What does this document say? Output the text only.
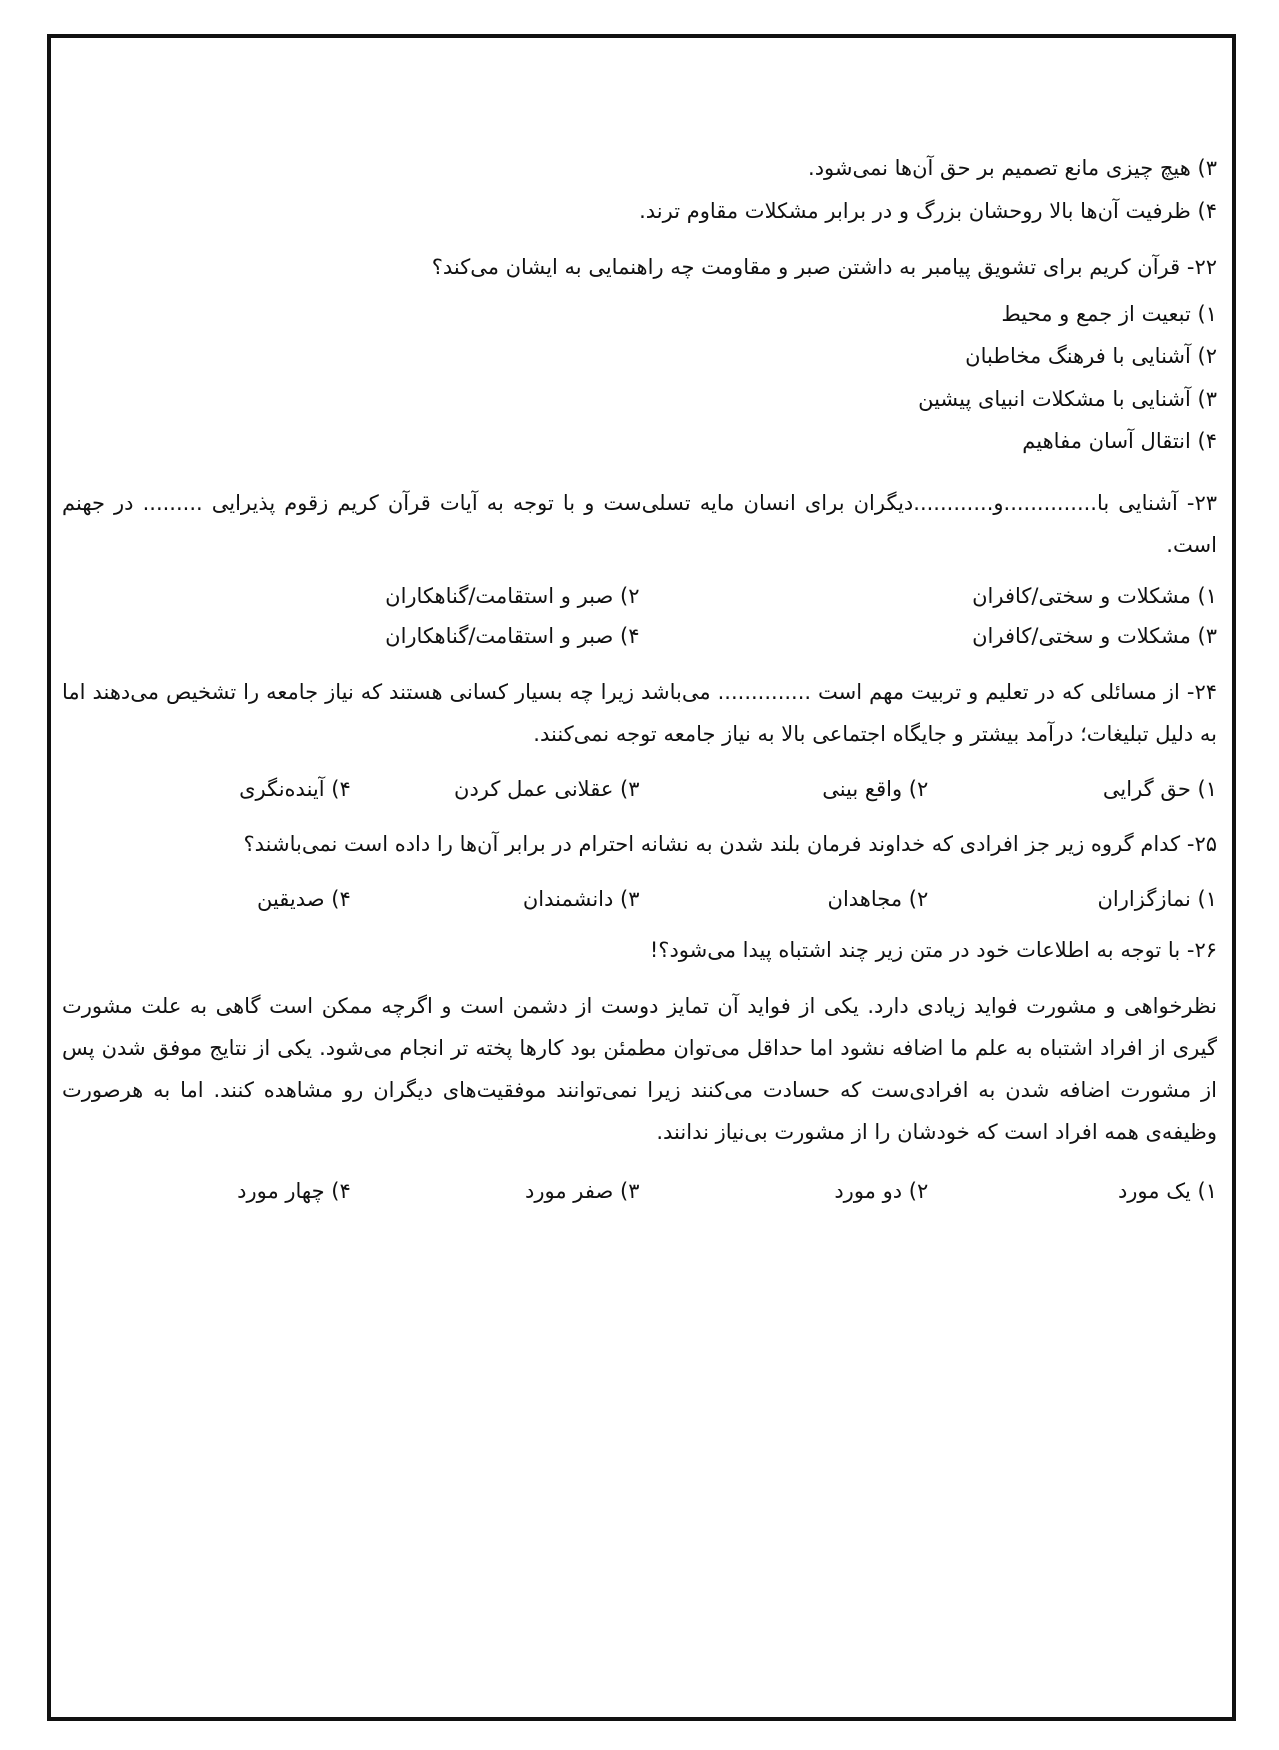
۳) هیچ چیزی مانع تصمیم بر حق آن‌ها نمی‌شود.

۴) ظرفیت آن‌ها بالا روحشان بزرگ و در برابر مشکلات مقاوم ترند.

۲۲- قرآن کریم برای تشویق پیامبر به داشتن صبر و مقاومت چه راهنمایی به ایشان می‌کند؟

۱) تبعیت از جمع و محیط

۲) آشنایی با فرهنگ مخاطبان

۳) آشنایی با مشکلات انبیای پیشین

۴) انتقال آسان مفاهیم

۲۳- آشنایی با..............و............دیگران برای انسان مایه تسلی‌ست و با توجه به آیات قرآن کریم زقوم پذیرایی ......... در جهنم است.

۱) مشکلات و سختی/کافران
۲) صبر و استقامت/گناهکاران
۳) مشکلات و سختی/کافران
۴) صبر و استقامت/گناهکاران

۲۴- از مسائلی که در تعلیم و تربیت مهم است .............. می‌باشد زیرا چه بسیار کسانی هستند که نیاز جامعه را تشخیص می‌دهند اما به دلیل تبلیغات؛ درآمد بیشتر و جایگاه اجتماعی بالا به نیاز جامعه توجه نمی‌کنند.

۱) حق گرایی
۲) واقع بینی
۳) عقلانی عمل کردن
۴) آینده‌نگری

۲۵- کدام گروه زیر جز افرادی که خداوند فرمان بلند شدن به نشانه احترام در برابر آن‌ها را داده است نمی‌باشند؟

۱) نمازگزاران
۲) مجاهدان
۳) دانشمندان
۴) صدیقین

۲۶- با توجه به اطلاعات خود در متن زیر چند اشتباه پیدا می‌شود؟!

نظرخواهی و مشورت فواید زیادی دارد. یکی از فواید آن تمایز دوست از دشمن است و اگرچه ممکن است گاهی به علت مشورت گیری از افراد اشتباه به علم ما اضافه نشود اما حداقل می‌توان مطمئن بود کارها پخته تر انجام می‌شود. یکی از نتایج موفق شدن پس از مشورت اضافه شدن به افرادی‌ست که حسادت می‌کنند زیرا نمی‌توانند موفقیت‌های دیگران رو مشاهده کنند. اما به هرصورت وظیفه‌ی همه افراد است که خودشان را از مشورت بی‌نیاز ندانند.

۱) یک مورد
۲) دو مورد
۳) صفر مورد
۴) چهار مورد
